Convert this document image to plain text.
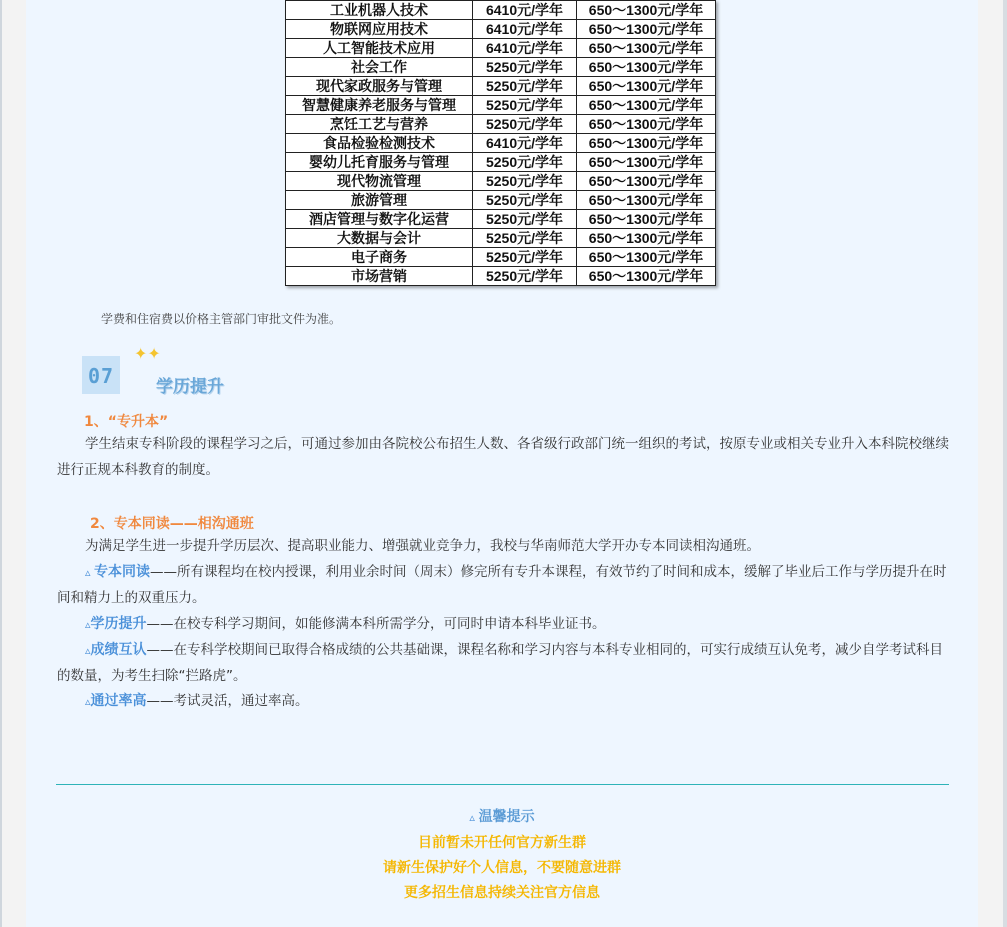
工业机器人技术	6410元/学年	650～1300元/学年
物联网应用技术	6410元/学年	650～1300元/学年
人工智能技术应用	6410元/学年	650～1300元/学年
社会工作	5250元/学年	650～1300元/学年
现代家政服务与管理	5250元/学年	650～1300元/学年
智慧健康养老服务与管理	5250元/学年	650～1300元/学年
烹饪工艺与营养	5250元/学年	650～1300元/学年
食品检验检测技术	6410元/学年	650～1300元/学年
婴幼儿托育服务与管理	5250元/学年	650～1300元/学年
现代物流管理	5250元/学年	650～1300元/学年
旅游管理	5250元/学年	650～1300元/学年
酒店管理与数字化运营	5250元/学年	650～1300元/学年
大数据与会计	5250元/学年	650～1300元/学年
电子商务	5250元/学年	650～1300元/学年
市场营销	5250元/学年	650～1300元/学年
学费和住宿费以价格主管部门审批文件为准。
07
✦✦
学历提升
1、“专升本”
学生结束专科阶段的课程学习之后，可通过参加由各院校公布招生人数、各省级行政部门统一组织的考试，按原专业或相关专业升入本科院校继续进行正规本科教育的制度。
2、专本同读——相沟通班
为满足学生进一步提升学历层次、提高职业能力、增强就业竞争力，我校与华南师范大学开办专本同读相沟通班。
▵ 专本同读——所有课程均在校内授课，利用业余时间（周末）修完所有专升本课程，有效节约了时间和成本，缓解了毕业后工作与学历提升在时间和精力上的双重压力。
▵学历提升——在校专科学习期间，如能修满本科所需学分，可同时申请本科毕业证书。
▵成绩互认——在专科学校期间已取得合格成绩的公共基础课，课程名称和学习内容与本科专业相同的，可实行成绩互认免考，减少自学考试科目的数量，为考生扫除“拦路虎”。
▵通过率高——考试灵活，通过率高。
▵ 温馨提示
目前暂未开任何官方新生群
请新生保护好个人信息，不要随意进群
更多招生信息持续关注官方信息
